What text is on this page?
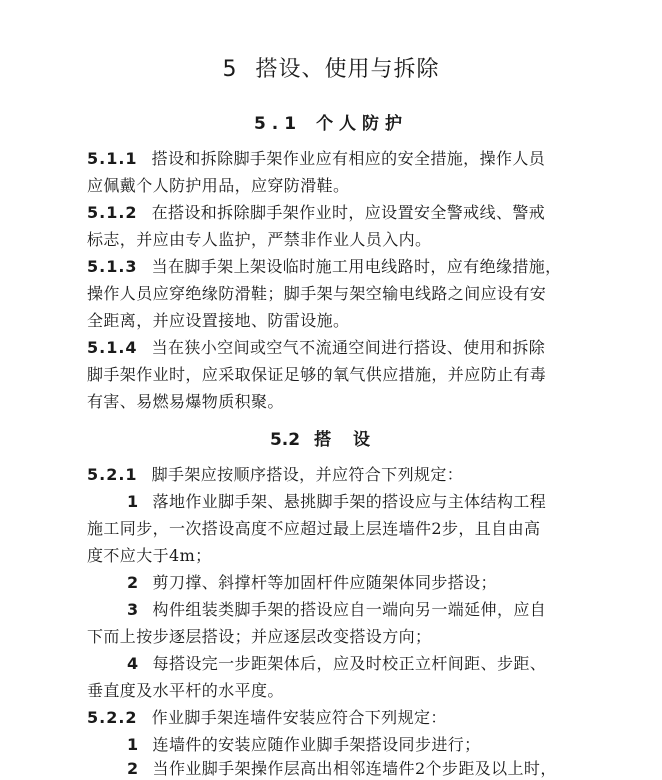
5 搭设、使用与拆除
5.1 个人防护
5.1.1 搭设和拆除脚手架作业应有相应的安全措施，操作人员
应佩戴个人防护用品，应穿防滑鞋。
5.1.2 在搭设和拆除脚手架作业时，应设置安全警戒线、警戒
标志，并应由专人监护，严禁非作业人员入内。
5.1.3 当在脚手架上架设临时施工用电线路时，应有绝缘措施，
操作人员应穿绝缘防滑鞋；脚手架与架空输电线路之间应设有安
全距离，并应设置接地、防雷设施。
5.1.4 当在狭小空间或空气不流通空间进行搭设、使用和拆除
脚手架作业时，应采取保证足够的氧气供应措施，并应防止有毒
有害、易燃易爆物质积聚。
5.2 搭设
5.2.1 脚手架应按顺序搭设，并应符合下列规定：
1 落地作业脚手架、悬挑脚手架的搭设应与主体结构工程
施工同步，一次搭设高度不应超过最上层连墙件2步，且自由高
度不应大于4m；
2 剪刀撑、斜撑杆等加固杆件应随架体同步搭设；
3 构件组装类脚手架的搭设应自一端向另一端延伸，应自
下而上按步逐层搭设；并应逐层改变搭设方向；
4 每搭设完一步距架体后，应及时校正立杆间距、步距、
垂直度及水平杆的水平度。
5.2.2 作业脚手架连墙件安装应符合下列规定：
1 连墙件的安装应随作业脚手架搭设同步进行；
2 当作业脚手架操作层高出相邻连墙件2个步距及以上时，
